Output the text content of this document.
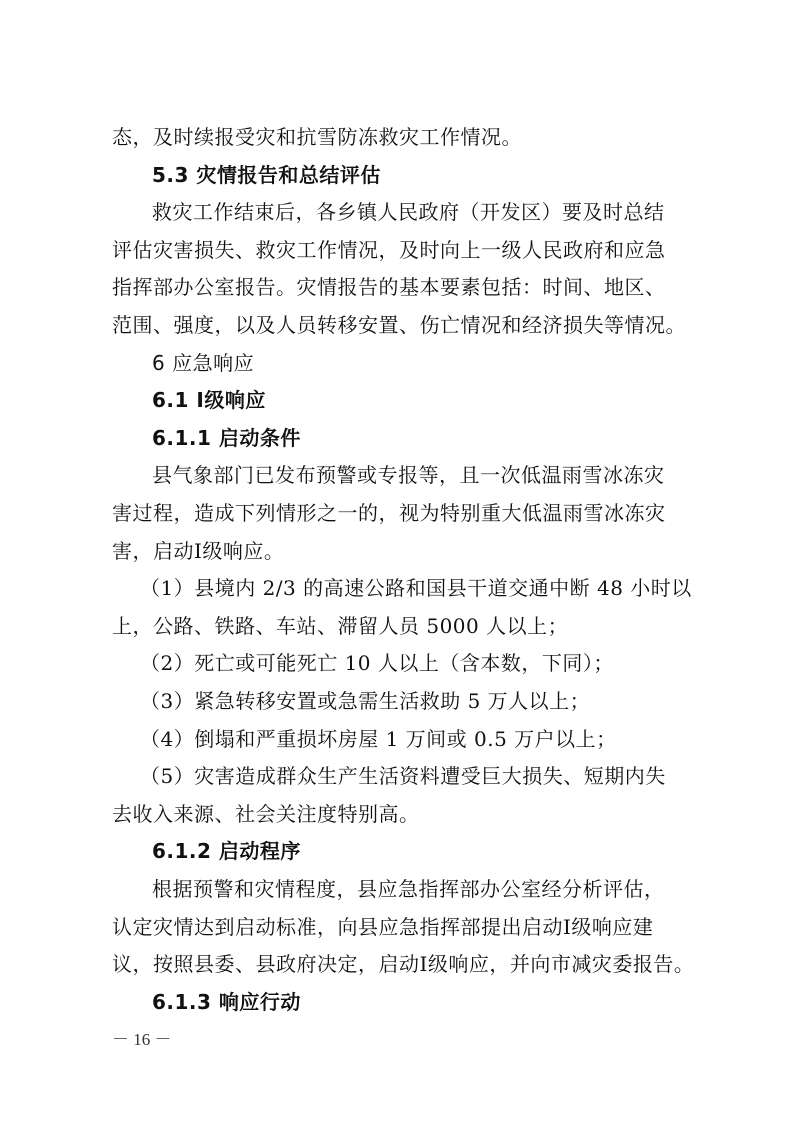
态，及时续报受灾和抗雪防冻救灾工作情况。
5.3 灾情报告和总结评估
救灾工作结束后，各乡镇人民政府（开发区）要及时总结
评估灾害损失、救灾工作情况，及时向上一级人民政府和应急
指挥部办公室报告。灾情报告的基本要素包括：时间、地区、
范围、强度，以及人员转移安置、伤亡情况和经济损失等情况。
6 应急响应
6.1 Ⅰ级响应
6.1.1 启动条件
县气象部门已发布预警或专报等，且一次低温雨雪冰冻灾
害过程，造成下列情形之一的，视为特别重大低温雨雪冰冻灾
害，启动Ⅰ级响应。
（1）县境内 2/3 的高速公路和国县干道交通中断 48 小时以
上，公路、铁路、车站、滞留人员 5000 人以上；
（2）死亡或可能死亡 10 人以上（含本数，下同）；
（3）紧急转移安置或急需生活救助 5 万人以上；
（4）倒塌和严重损坏房屋 1 万间或 0.5 万户以上；
（5）灾害造成群众生产生活资料遭受巨大损失、短期内失
去收入来源、社会关注度特别高。
6.1.2 启动程序
根据预警和灾情程度，县应急指挥部办公室经分析评估，
认定灾情达到启动标准，向县应急指挥部提出启动Ⅰ级响应建
议，按照县委、县政府决定，启动Ⅰ级响应，并向市减灾委报告。
6.1.3 响应行动
－ 16 －
